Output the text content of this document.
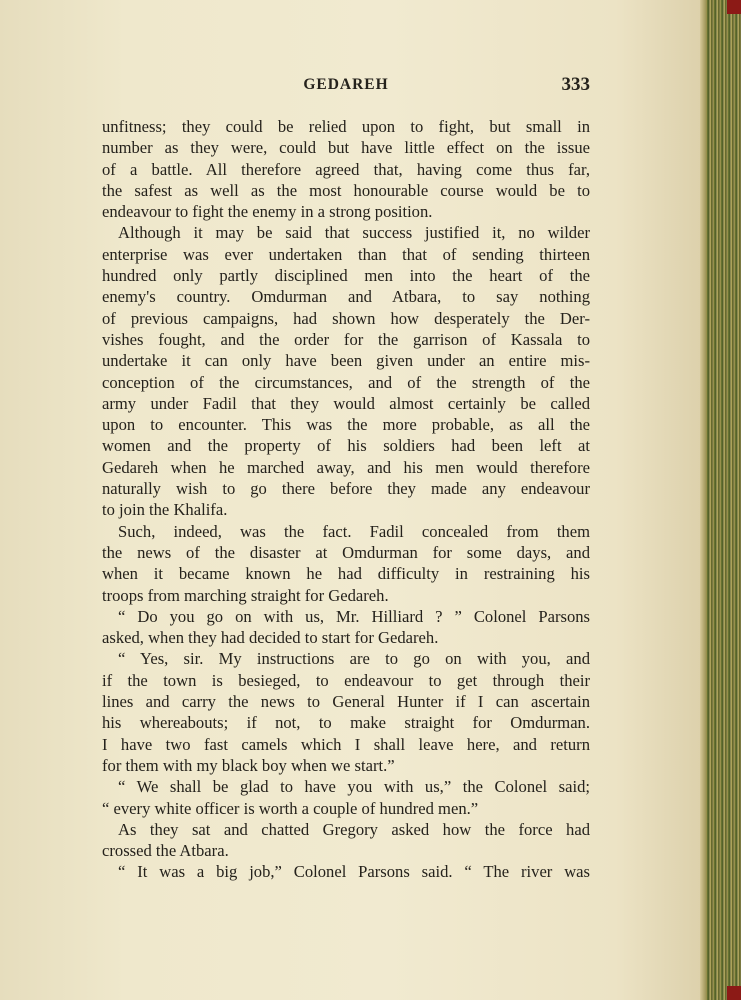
GEDAREH	333
unfitness; they could be relied upon to fight, but small in
number as they were, could but have little effect on the issue
of a battle. All therefore agreed that, having come thus far,
the safest as well as the most honourable course would be to
endeavour to fight the enemy in a strong position.
Although it may be said that success justified it, no wilder
enterprise was ever undertaken than that of sending thirteen
hundred only partly disciplined men into the heart of the
enemy's country. Omdurman and Atbara, to say nothing
of previous campaigns, had shown how desperately the Der-
vishes fought, and the order for the garrison of Kassala to
undertake it can only have been given under an entire mis-
conception of the circumstances, and of the strength of the
army under Fadil that they would almost certainly be called
upon to encounter. This was the more probable, as all the
women and the property of his soldiers had been left at
Gedareh when he marched away, and his men would therefore
naturally wish to go there before they made any endeavour
to join the Khalifa.
Such, indeed, was the fact. Fadil concealed from them
the news of the disaster at Omdurman for some days, and
when it became known he had difficulty in restraining his
troops from marching straight for Gedareh.
“ Do you go on with us, Mr. Hilliard ? ” Colonel Parsons
asked, when they had decided to start for Gedareh.
“ Yes, sir. My instructions are to go on with you, and
if the town is besieged, to endeavour to get through their
lines and carry the news to General Hunter if I can ascertain
his whereabouts; if not, to make straight for Omdurman.
I have two fast camels which I shall leave here, and return
for them with my black boy when we start.”
“ We shall be glad to have you with us,” the Colonel said;
“ every white officer is worth a couple of hundred men.”
As they sat and chatted Gregory asked how the force had
crossed the Atbara.
“ It was a big job,” Colonel Parsons said. “ The river was
